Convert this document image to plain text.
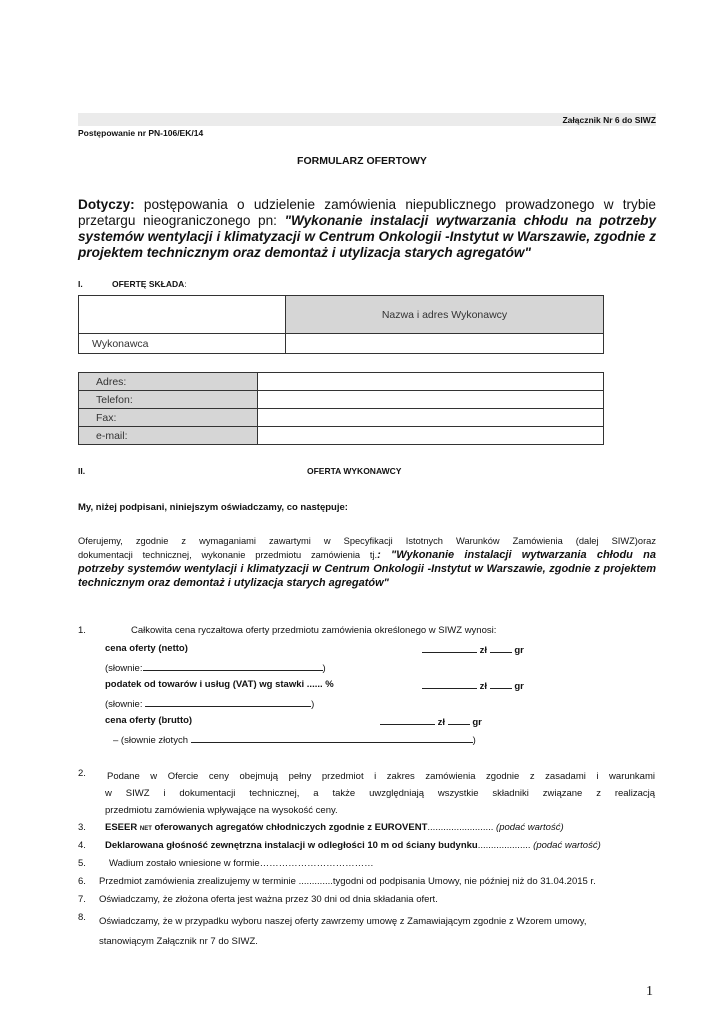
Załącznik Nr 6 do SIWZ
Postępowanie nr PN-106/EK/14
FORMULARZ OFERTOWY
Dotyczy: postępowania o udzielenie zamówienia niepublicznego prowadzonego w trybie
przetargu nieograniczonego pn: "Wykonanie instalacji wytwarzania chłodu na potrzeby
systemów wentylacji i klimatyzacji w Centrum Onkologii -Instytut w Warszawie, zgodnie z
projektem technicznym oraz demontaż i utylizacja starych agregatów"
I.	OFERTĘ SKŁADA:
	Nazwa i adres Wykonawcy
Wykonawca	
Adres:	
Telefon:	
Fax:	
e-mail:	
II.	OFERTA WYKONAWCY
My, niżej podpisani, niniejszym oświadczamy, co następuje:
Oferujemy, zgodnie z wymaganiami zawartymi w Specyfikacji Istotnych Warunków Zamówienia (dalej SIWZ)oraz
dokumentacji technicznej, wykonanie przedmiotu zamówienia tj.: "Wykonanie instalacji wytwarzania chłodu na
potrzeby systemów wentylacji i klimatyzacji w Centrum Onkologii -Instytut w Warszawie, zgodnie z projektem
technicznym oraz demontaż i utylizacja starych agregatów"
1.	Całkowita cena ryczałtowa oferty przedmiotu zamówienia określonego w SIWZ wynosi:
cena oferty (netto)	zł	gr
(słownie:	)
podatek od towarów i usług (VAT) wg stawki ...... %	zł	gr
(słownie:	)
cena oferty (brutto)	zł	gr
– (słownie złotych	)
2. Podane w Ofercie ceny obejmują pełny przedmiot i zakres zamówienia zgodnie z zasadami i warunkami
w SIWZ i dokumentacji technicznej, a także uwzględniają wszystkie składniki związane z realizacją
przedmiotu zamówienia wpływające na wysokość ceny.
3. ESEER NET oferowanych agregatów chłodniczych zgodnie z EUROVENT......................... (podać wartość)
4. Deklarowana głośność zewnętrzna instalacji w odległości 10 m od ściany budynku.................... (podać wartość)
5. Wadium zostało wniesione w formie………………………………
6. Przedmiot zamówienia zrealizujemy w terminie .............tygodni od podpisania Umowy, nie później niż do 31.04.2015 r.
7. Oświadczamy, że złożona oferta jest ważna przez 30 dni od dnia składania ofert.
8. Oświadczamy, że w przypadku wyboru naszej oferty zawrzemy umowę z Zamawiającym zgodnie z Wzorem umowy,
stanowiącym Załącznik nr 7 do SIWZ.
1
